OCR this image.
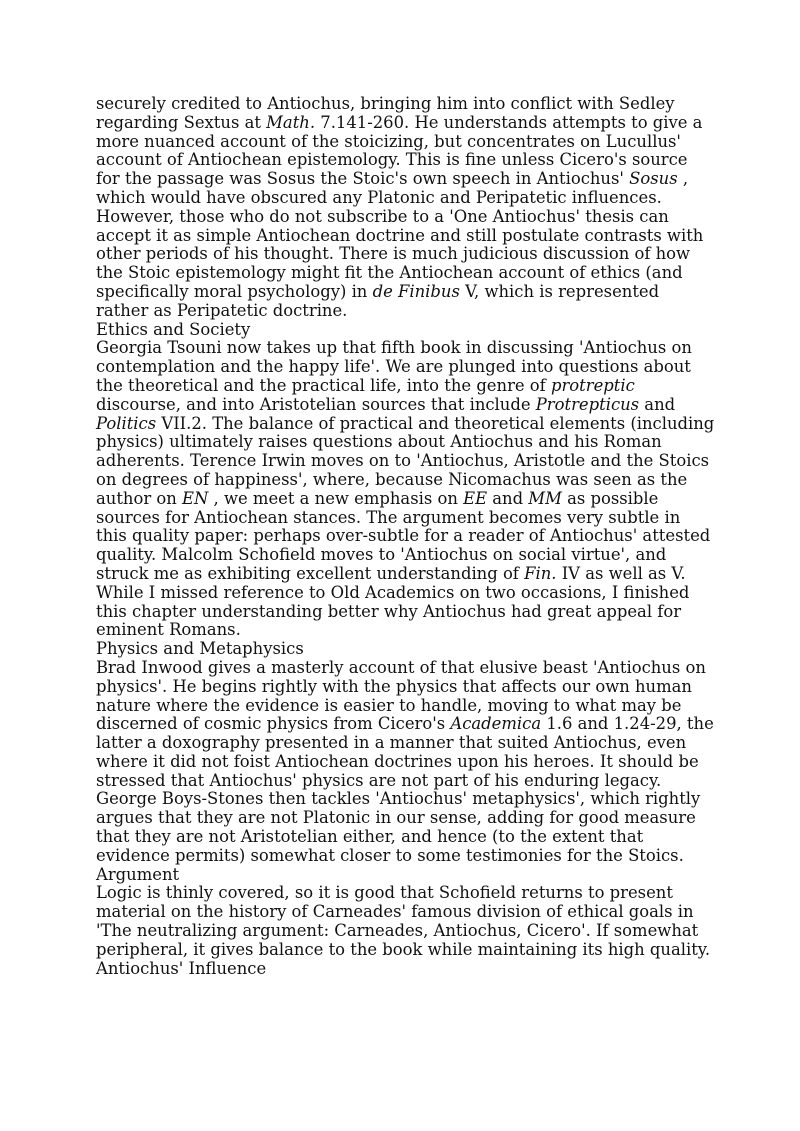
securely credited to Antiochus, bringing him into conflict with Sedley regarding Sextus at Math. 7.141-260. He understands attempts to give a more nuanced account of the stoicizing, but concentrates on Lucullus' account of Antiochean epistemology. This is fine unless Cicero's source for the passage was Sosus the Stoic's own speech in Antiochus' Sosus , which would have obscured any Platonic and Peripatetic influences. However, those who do not subscribe to a 'One Antiochus' thesis can accept it as simple Antiochean doctrine and still postulate contrasts with other periods of his thought. There is much judicious discussion of how the Stoic epistemology might fit the Antiochean account of ethics (and specifically moral psychology) in de Finibus V, which is represented rather as Peripatetic doctrine.

Ethics and Society

Georgia Tsouni now takes up that fifth book in discussing 'Antiochus on contemplation and the happy life'. We are plunged into questions about the theoretical and the practical life, into the genre of protreptic discourse, and into Aristotelian sources that include Protrepticus and Politics VII.2. The balance of practical and theoretical elements (including physics) ultimately raises questions about Antiochus and his Roman adherents. Terence Irwin moves on to 'Antiochus, Aristotle and the Stoics on degrees of happiness', where, because Nicomachus was seen as the author on EN , we meet a new emphasis on EE and MM as possible sources for Antiochean stances. The argument becomes very subtle in this quality paper: perhaps over-subtle for a reader of Antiochus' attested quality. Malcolm Schofield moves to 'Antiochus on social virtue', and struck me as exhibiting excellent understanding of Fin. IV as well as V. While I missed reference to Old Academics on two occasions, I finished this chapter understanding better why Antiochus had great appeal for eminent Romans.

Physics and Metaphysics

Brad Inwood gives a masterly account of that elusive beast 'Antiochus on physics'. He begins rightly with the physics that affects our own human nature where the evidence is easier to handle, moving to what may be discerned of cosmic physics from Cicero's Academica 1.6 and 1.24-29, the latter a doxography presented in a manner that suited Antiochus, even where it did not foist Antiochean doctrines upon his heroes. It should be stressed that Antiochus' physics are not part of his enduring legacy. George Boys-Stones then tackles 'Antiochus' metaphysics', which rightly argues that they are not Platonic in our sense, adding for good measure that they are not Aristotelian either, and hence (to the extent that evidence permits) somewhat closer to some testimonies for the Stoics.

Argument

Logic is thinly covered, so it is good that Schofield returns to present material on the history of Carneades' famous division of ethical goals in 'The neutralizing argument: Carneades, Antiochus, Cicero'. If somewhat peripheral, it gives balance to the book while maintaining its high quality.

Antiochus' Influence
